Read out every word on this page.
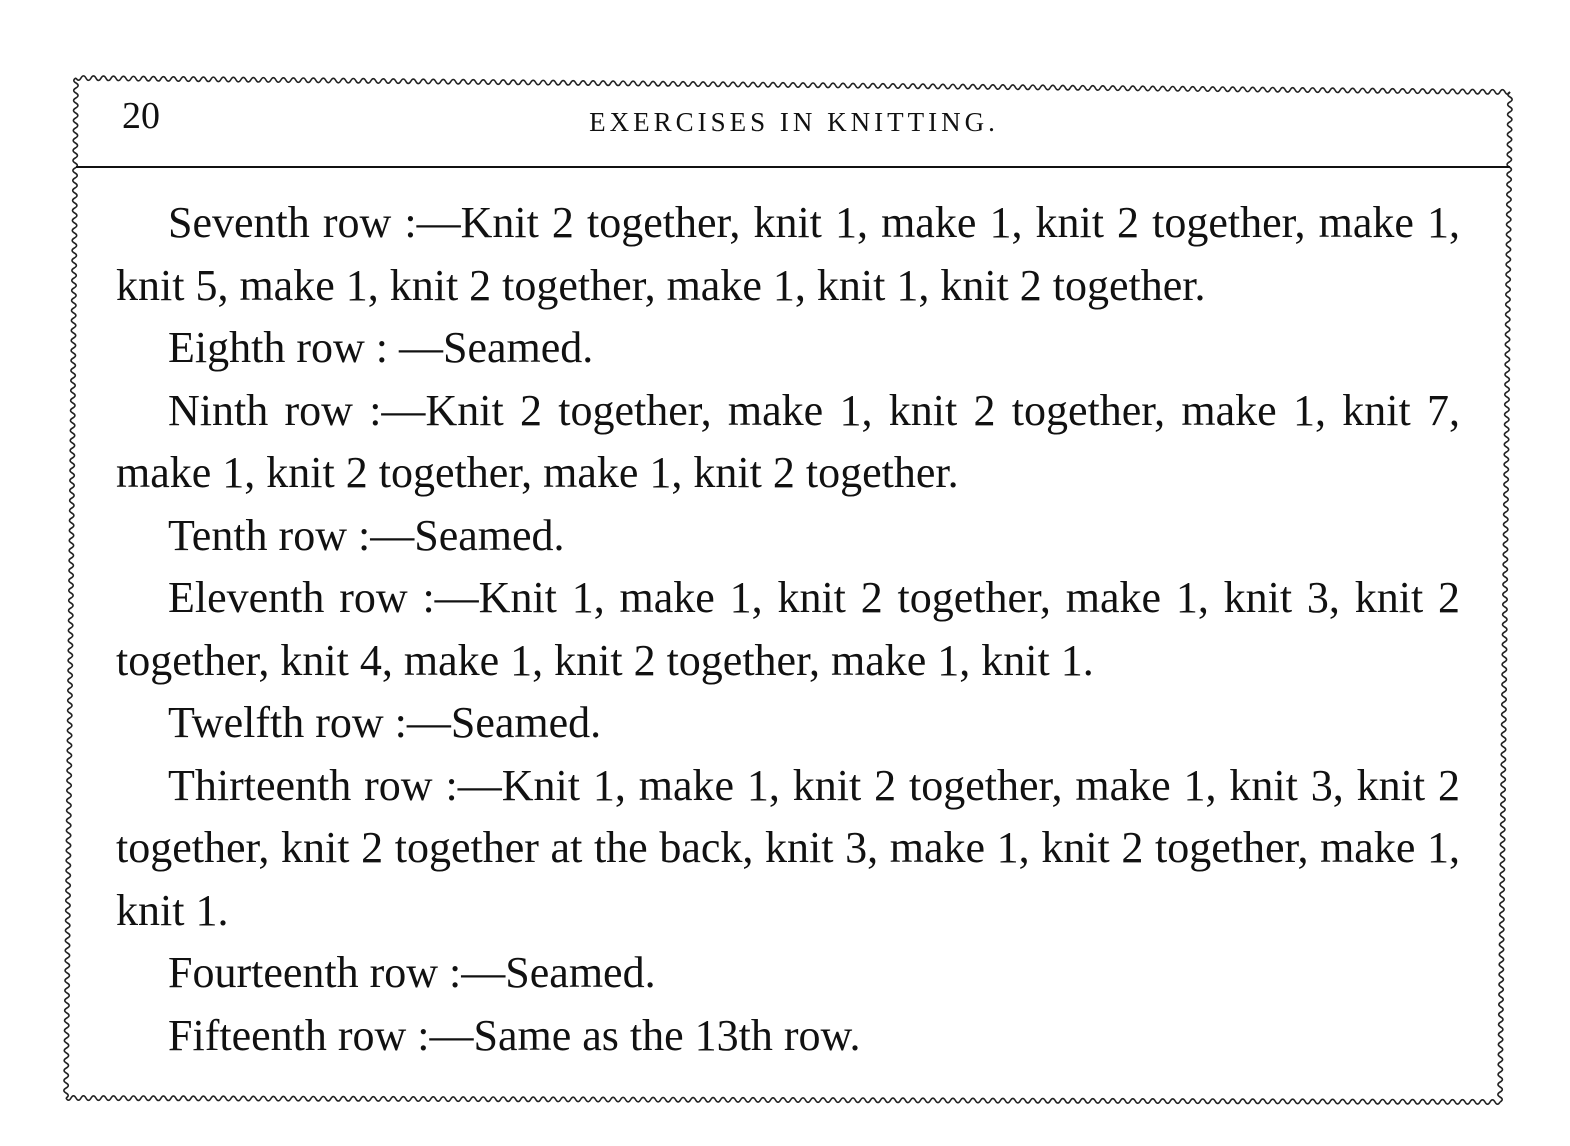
20	EXERCISES IN KNITTING.

Seventh row :—Knit 2 together, knit 1, make 1, knit 2 together, make 1, knit 5, make 1, knit 2 together, make 1, knit 1, knit 2 together.

Eighth row : —Seamed.

Ninth row :—Knit 2 together, make 1, knit 2 together, make 1, knit 7, make 1, knit 2 together, make 1, knit 2 together.

Tenth row :—Seamed.

Eleventh row :—Knit 1, make 1, knit 2 together, make 1, knit 3, knit 2 together, knit 4, make 1, knit 2 together, make 1, knit 1.

Twelfth row :—Seamed.

Thirteenth row :—Knit 1, make 1, knit 2 together, make 1, knit 3, knit 2 together, knit 2 together at the back, knit 3, make 1, knit 2 together, make 1, knit 1.

Fourteenth row :—Seamed.

Fifteenth row :—Same as the 13th row.
